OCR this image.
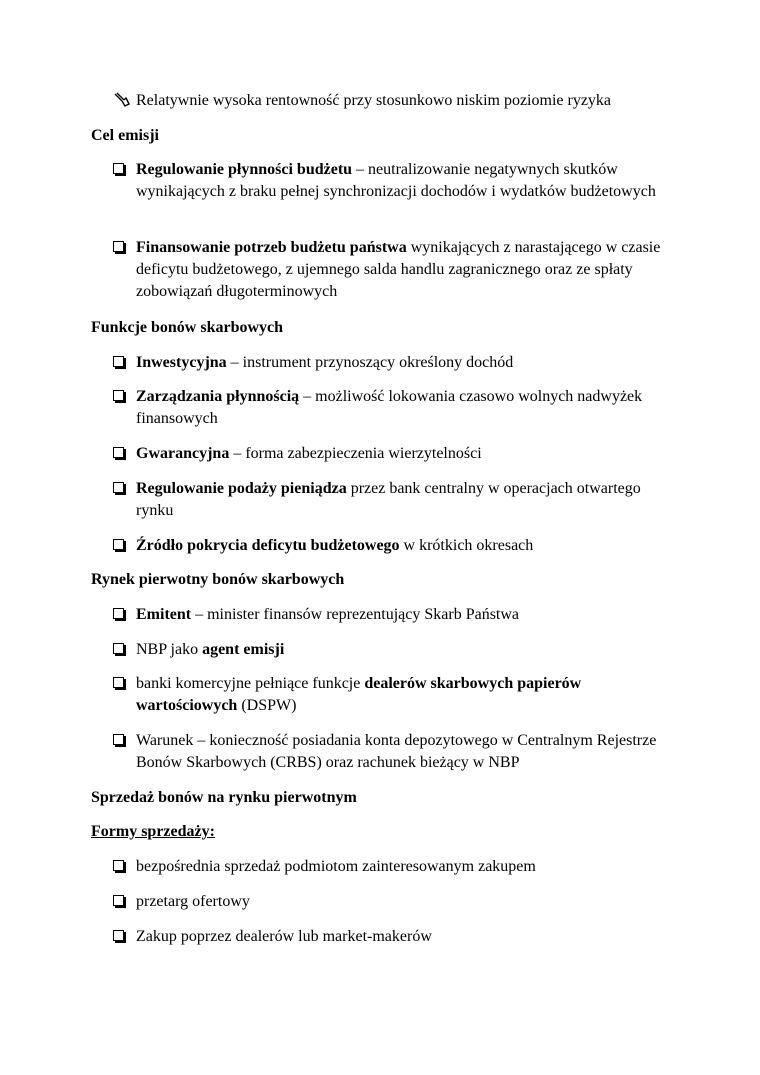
Relatywnie wysoka rentowność przy stosunkowo niskim poziomie ryzyka
Cel emisji
Regulowanie płynności budżetu – neutralizowanie negatywnych skutków wynikających z braku pełnej synchronizacji dochodów i wydatków budżetowych
Finansowanie potrzeb budżetu państwa wynikających z narastającego w czasie deficytu budżetowego, z ujemnego salda handlu zagranicznego oraz ze spłaty zobowiązań długoterminowych
Funkcje bonów skarbowych
Inwestycyjna – instrument przynoszący określony dochód
Zarządzania płynnością – możliwość lokowania czasowo wolnych nadwyżek finansowych
Gwarancyjna – forma zabezpieczenia wierzytelności
Regulowanie podaży pieniądza przez bank centralny w operacjach otwartego rynku
Źródło pokrycia deficytu budżetowego w krótkich okresach
Rynek pierwotny bonów skarbowych
Emitent – minister finansów reprezentujący Skarb Państwa
NBP jako agent emisji
banki komercyjne pełniące funkcje dealerów skarbowych papierów wartościowych (DSPW)
Warunek – konieczność posiadania konta depozytowego w Centralnym Rejestrze Bonów Skarbowych (CRBS) oraz rachunek bieżący w NBP
Sprzedaż bonów na rynku pierwotnym
Formy sprzedaży:
bezpośrednia sprzedaż podmiotom zainteresowanym zakupem
przetarg ofertowy
Zakup poprzez dealerów lub market-makerów
